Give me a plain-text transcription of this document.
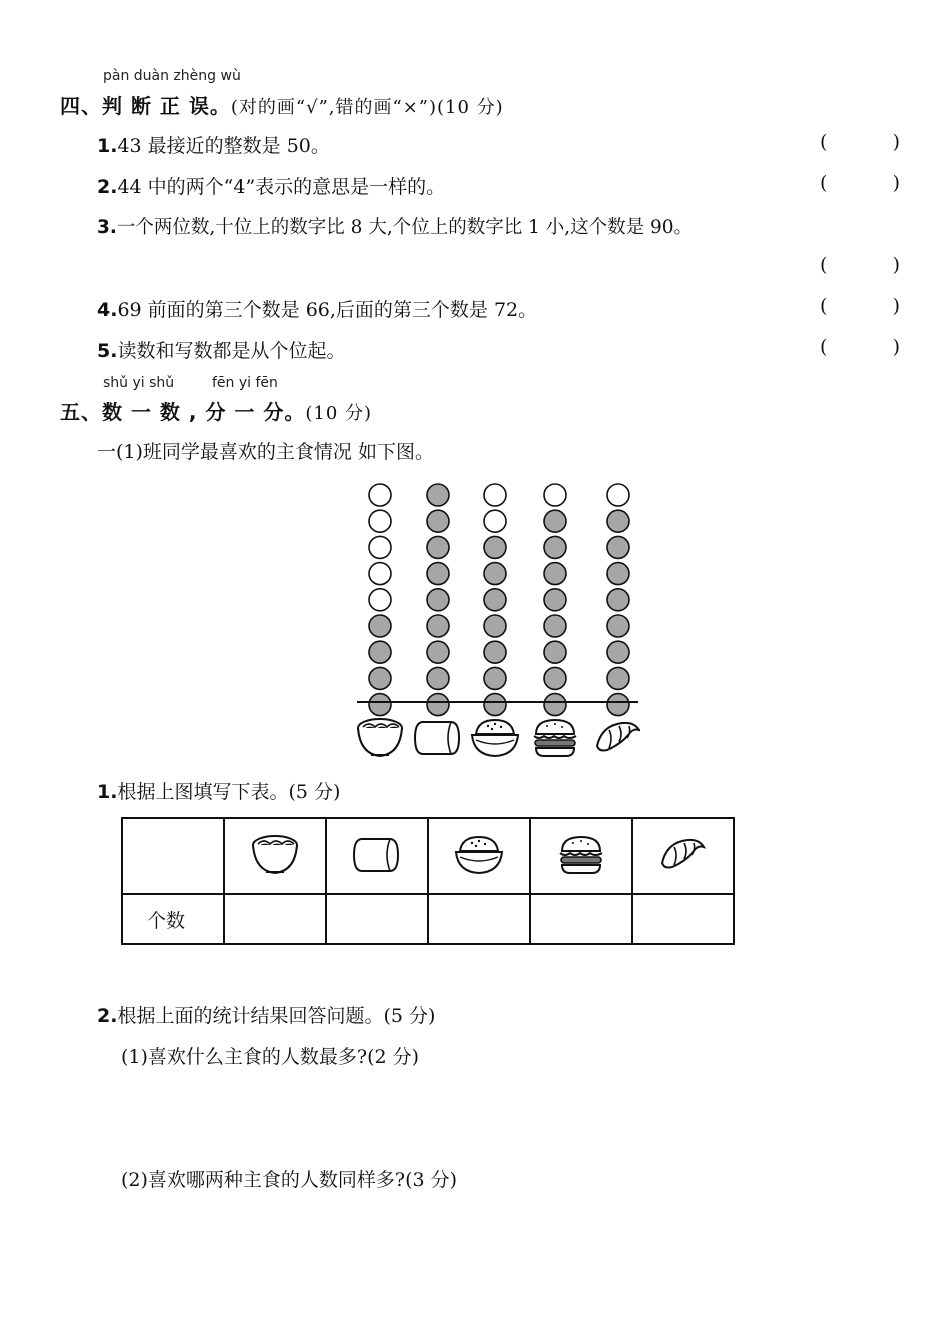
pàn duàn zhèng wù
四、判 断 正 误。(对的画“√”,错的画“×”)(10 分)
1.43 最接近的整数是 50。	(	)
2.44 中的两个“4”表示的意思是一样的。	(	)
3.一个两位数,十位上的数字比 8 大,个位上的数字比 1 小,这个数是 90。
(	)
4.69 前面的第三个数是 66,后面的第三个数是 72。	(	)
5.读数和写数都是从个位起。	(	)
shǔ yi shǔ	fēn yi fēn
五、数 一 数 , 分 一 分。(10 分)
一(1)班同学最喜欢的主食情况 如下图。
1.根据上图填写下表。(5 分)

个数					
2.根据上面的统计结果回答问题。(5 分)
(1)喜欢什么主食的人数最多?(2 分)
(2)喜欢哪两种主食的人数同样多?(3 分)
